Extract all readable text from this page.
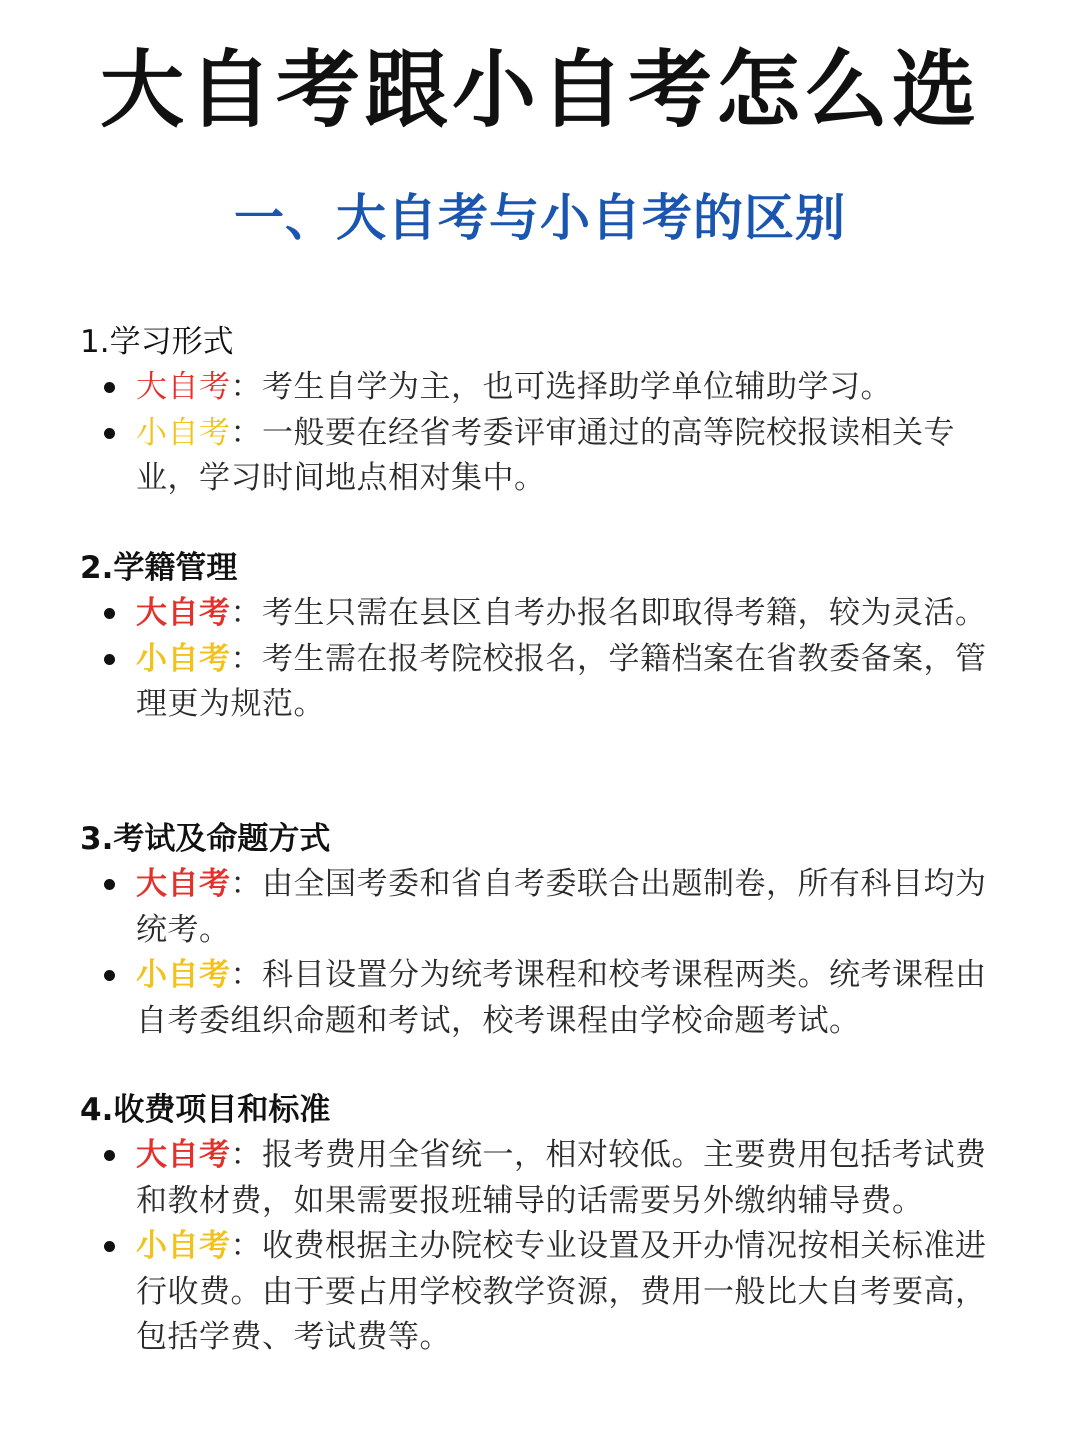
大自考跟小自考怎么选
一、大自考与小自考的区别
1.学习形式
大自考：考生自学为主，也可选择助学单位辅助学习。
小自考：一般要在经省考委评审通过的高等院校报读相关专业，学习时间地点相对集中。
2.学籍管理
大自考：考生只需在县区自考办报名即取得考籍，较为灵活。
小自考：考生需在报考院校报名，学籍档案在省教委备案，管理更为规范。
3.考试及命题方式
大自考：由全国考委和省自考委联合出题制卷，所有科目均为统考。
小自考：科目设置分为统考课程和校考课程两类。统考课程由自考委组织命题和考试，校考课程由学校命题考试。
4.收费项目和标准
大自考：报考费用全省统一，相对较低。主要费用包括考试费和教材费，如果需要报班辅导的话需要另外缴纳辅导费。
小自考：收费根据主办院校专业设置及开办情况按相关标准进行收费。由于要占用学校教学资源，费用一般比大自考要高，包括学费、考试费等。
